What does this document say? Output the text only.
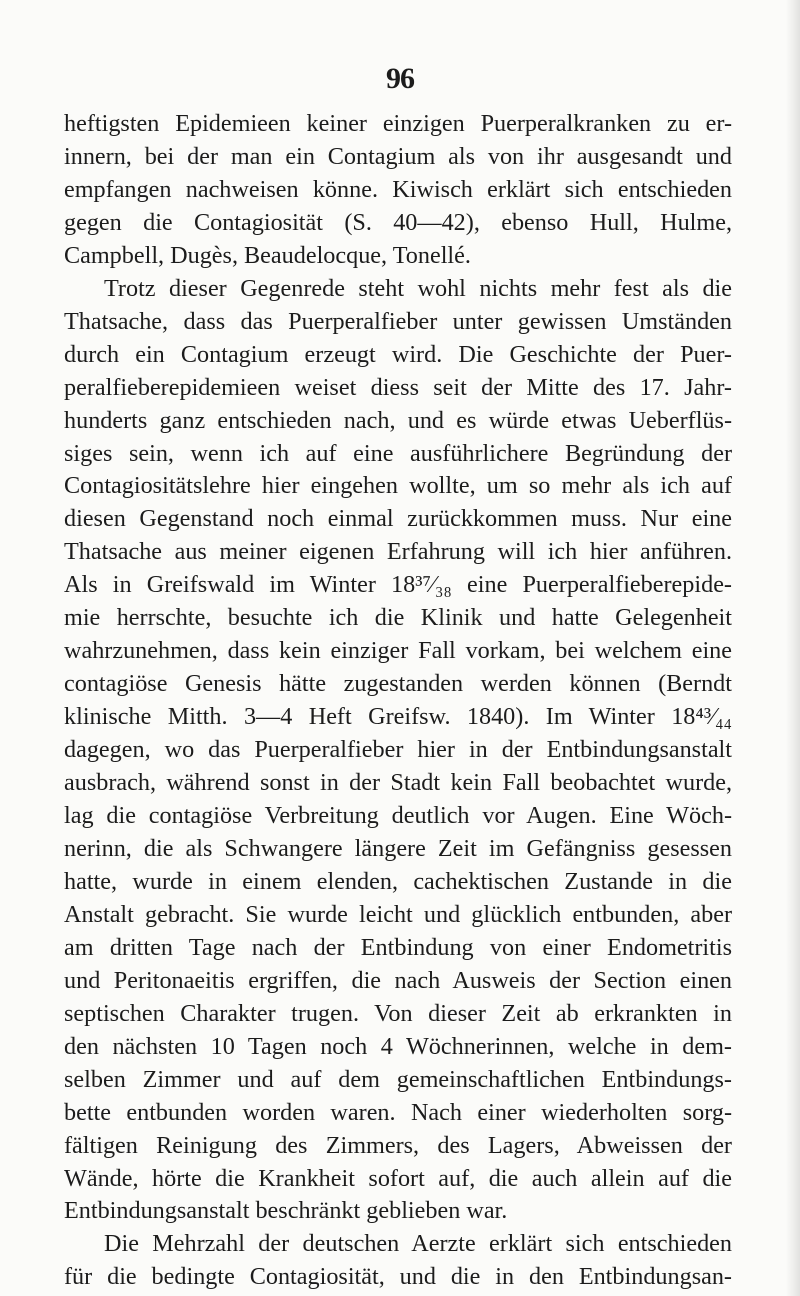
96
heftigsten Epidemieen keiner einzigen Puerperalkranken zu er-
innern, bei der man ein Contagium als von ihr ausgesandt und
empfangen nachweisen könne. Kiwisch erklärt sich entschieden
gegen die Contagiosität (S. 40—42), ebenso Hull, Hulme,
Campbell, Dugès, Beaudelocque, Tonellé.
Trotz dieser Gegenrede steht wohl nichts mehr fest als die
Thatsache, dass das Puerperalfieber unter gewissen Umständen
durch ein Contagium erzeugt wird. Die Geschichte der Puer-
peralfieberepidemieen weiset diess seit der Mitte des 17. Jahr-
hunderts ganz entschieden nach, und es würde etwas Ueberflüs-
siges sein, wenn ich auf eine ausführlichere Begründung der
Contagiositätslehre hier eingehen wollte, um so mehr als ich auf
diesen Gegenstand noch einmal zurückkommen muss. Nur eine
Thatsache aus meiner eigenen Erfahrung will ich hier anführen.
Als in Greifswald im Winter 18³⁷⁄₃₈ eine Puerperalfieberepide-
mie herrschte, besuchte ich die Klinik und hatte Gelegenheit
wahrzunehmen, dass kein einziger Fall vorkam, bei welchem eine
contagiöse Genesis hätte zugestanden werden können (Berndt
klinische Mitth. 3—4 Heft Greifsw. 1840). Im Winter 18⁴³⁄₄₄
dagegen, wo das Puerperalfieber hier in der Entbindungsanstalt
ausbrach, während sonst in der Stadt kein Fall beobachtet wurde,
lag die contagiöse Verbreitung deutlich vor Augen. Eine Wöch-
nerinn, die als Schwangere längere Zeit im Gefängniss gesessen
hatte, wurde in einem elenden, cachektischen Zustande in die
Anstalt gebracht. Sie wurde leicht und glücklich entbunden, aber
am dritten Tage nach der Entbindung von einer Endometritis
und Peritonaeitis ergriffen, die nach Ausweis der Section einen
septischen Charakter trugen. Von dieser Zeit ab erkrankten in
den nächsten 10 Tagen noch 4 Wöchnerinnen, welche in dem-
selben Zimmer und auf dem gemeinschaftlichen Entbindungs-
bette entbunden worden waren. Nach einer wiederholten sorg-
fältigen Reinigung des Zimmers, des Lagers, Abweissen der
Wände, hörte die Krankheit sofort auf, die auch allein auf die
Entbindungsanstalt beschränkt geblieben war.
Die Mehrzahl der deutschen Aerzte erklärt sich entschieden
für die bedingte Contagiosität, und die in den Entbindungsan-
